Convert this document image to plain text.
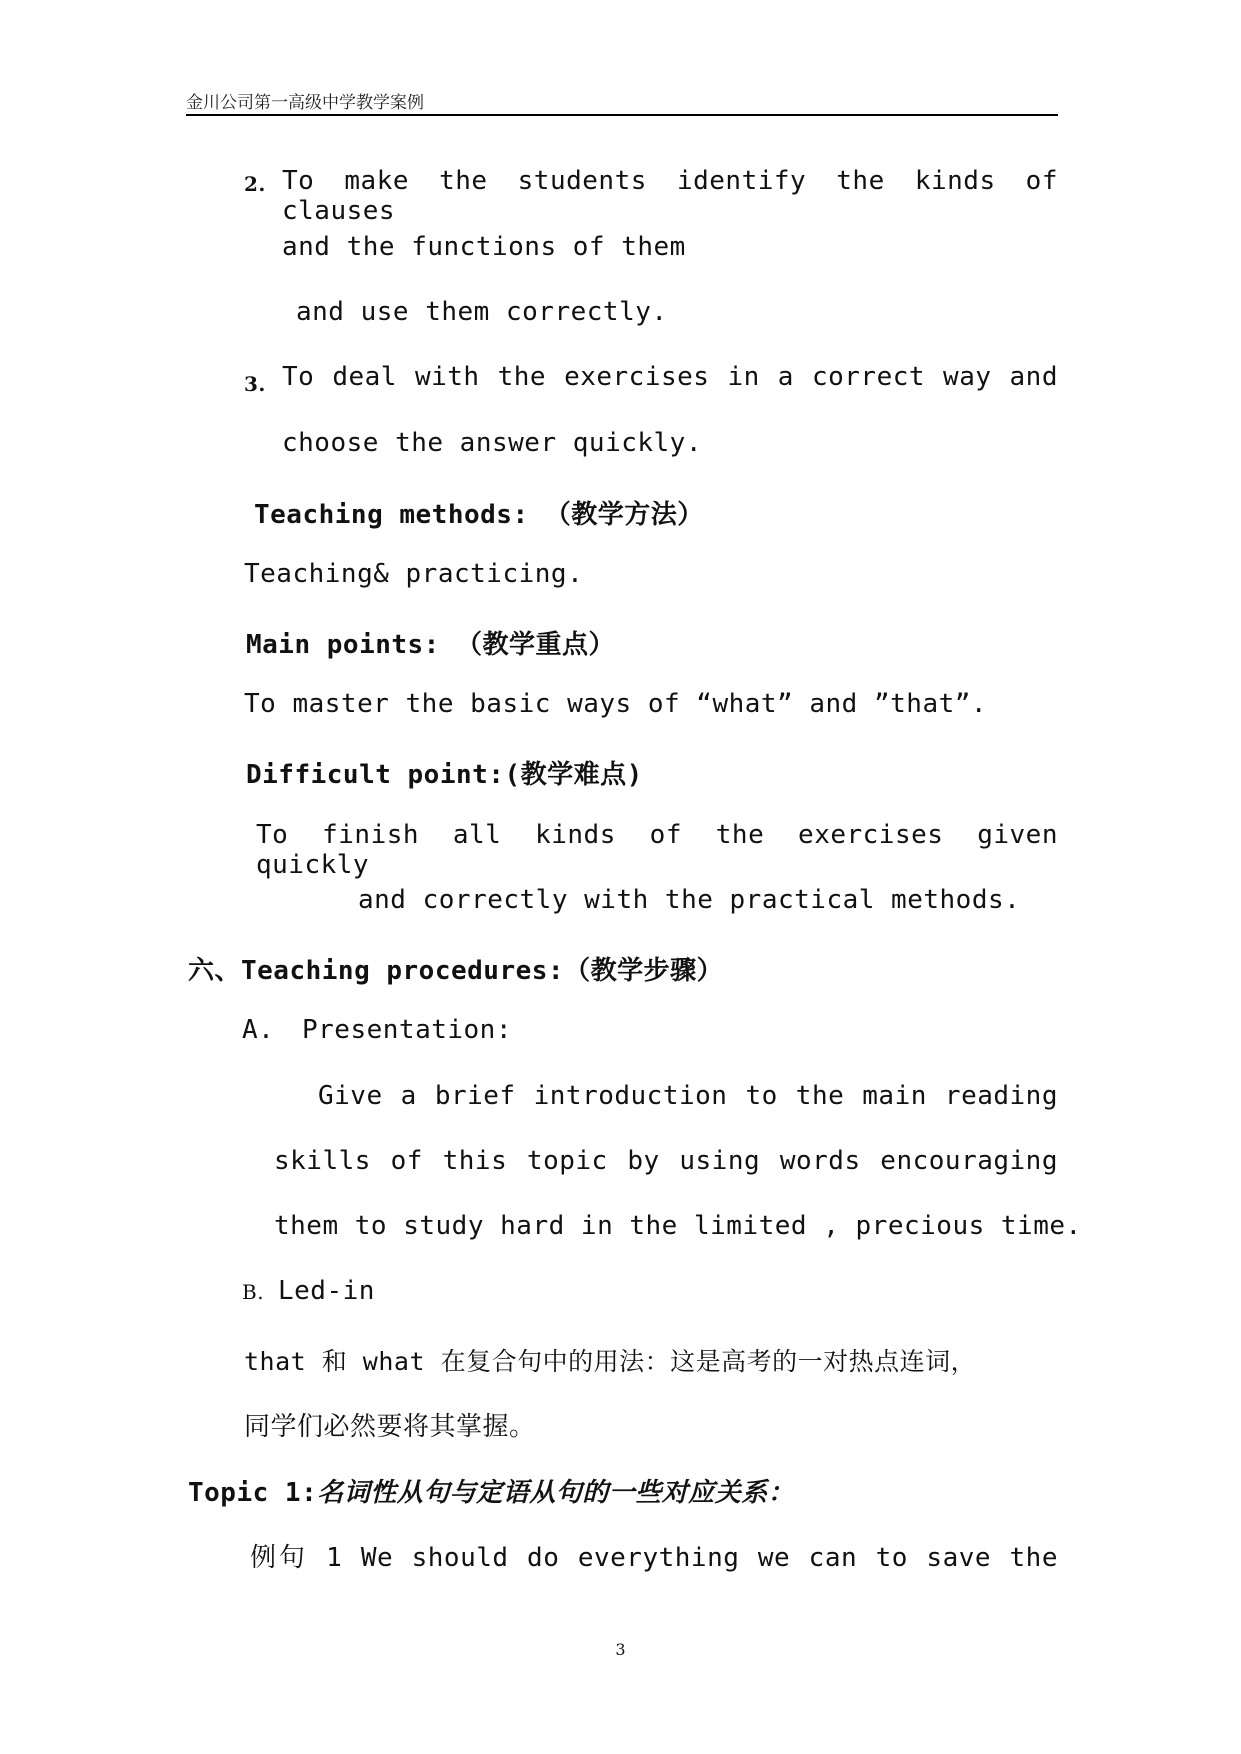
金川公司第一高级中学教学案例
2. To make the students identify the kinds of clauses
and the functions of them
and use them correctly.
3. To deal with the exercises in a correct way and
choose the answer quickly.
Teaching methods: （教学方法）
Teaching& practicing.
Main points: （教学重点）
To master the basic ways of “what” and ”that”.
Difficult point:(教学难点)
To finish all kinds of the exercises given quickly
and correctly with the practical methods.
六、Teaching procedures:（教学步骤）
A. Presentation:
Give a brief introduction to the main reading
skills of this topic by using words encouraging
them to study hard in the limited , precious time.
B. Led-in
that 和 what 在复合句中的用法：这是高考的一对热点连词，
同学们必然要将其掌握。
Topic 1:名词性从句与定语从句的一些对应关系：
例句 1 We should do everything we can to save the
3
